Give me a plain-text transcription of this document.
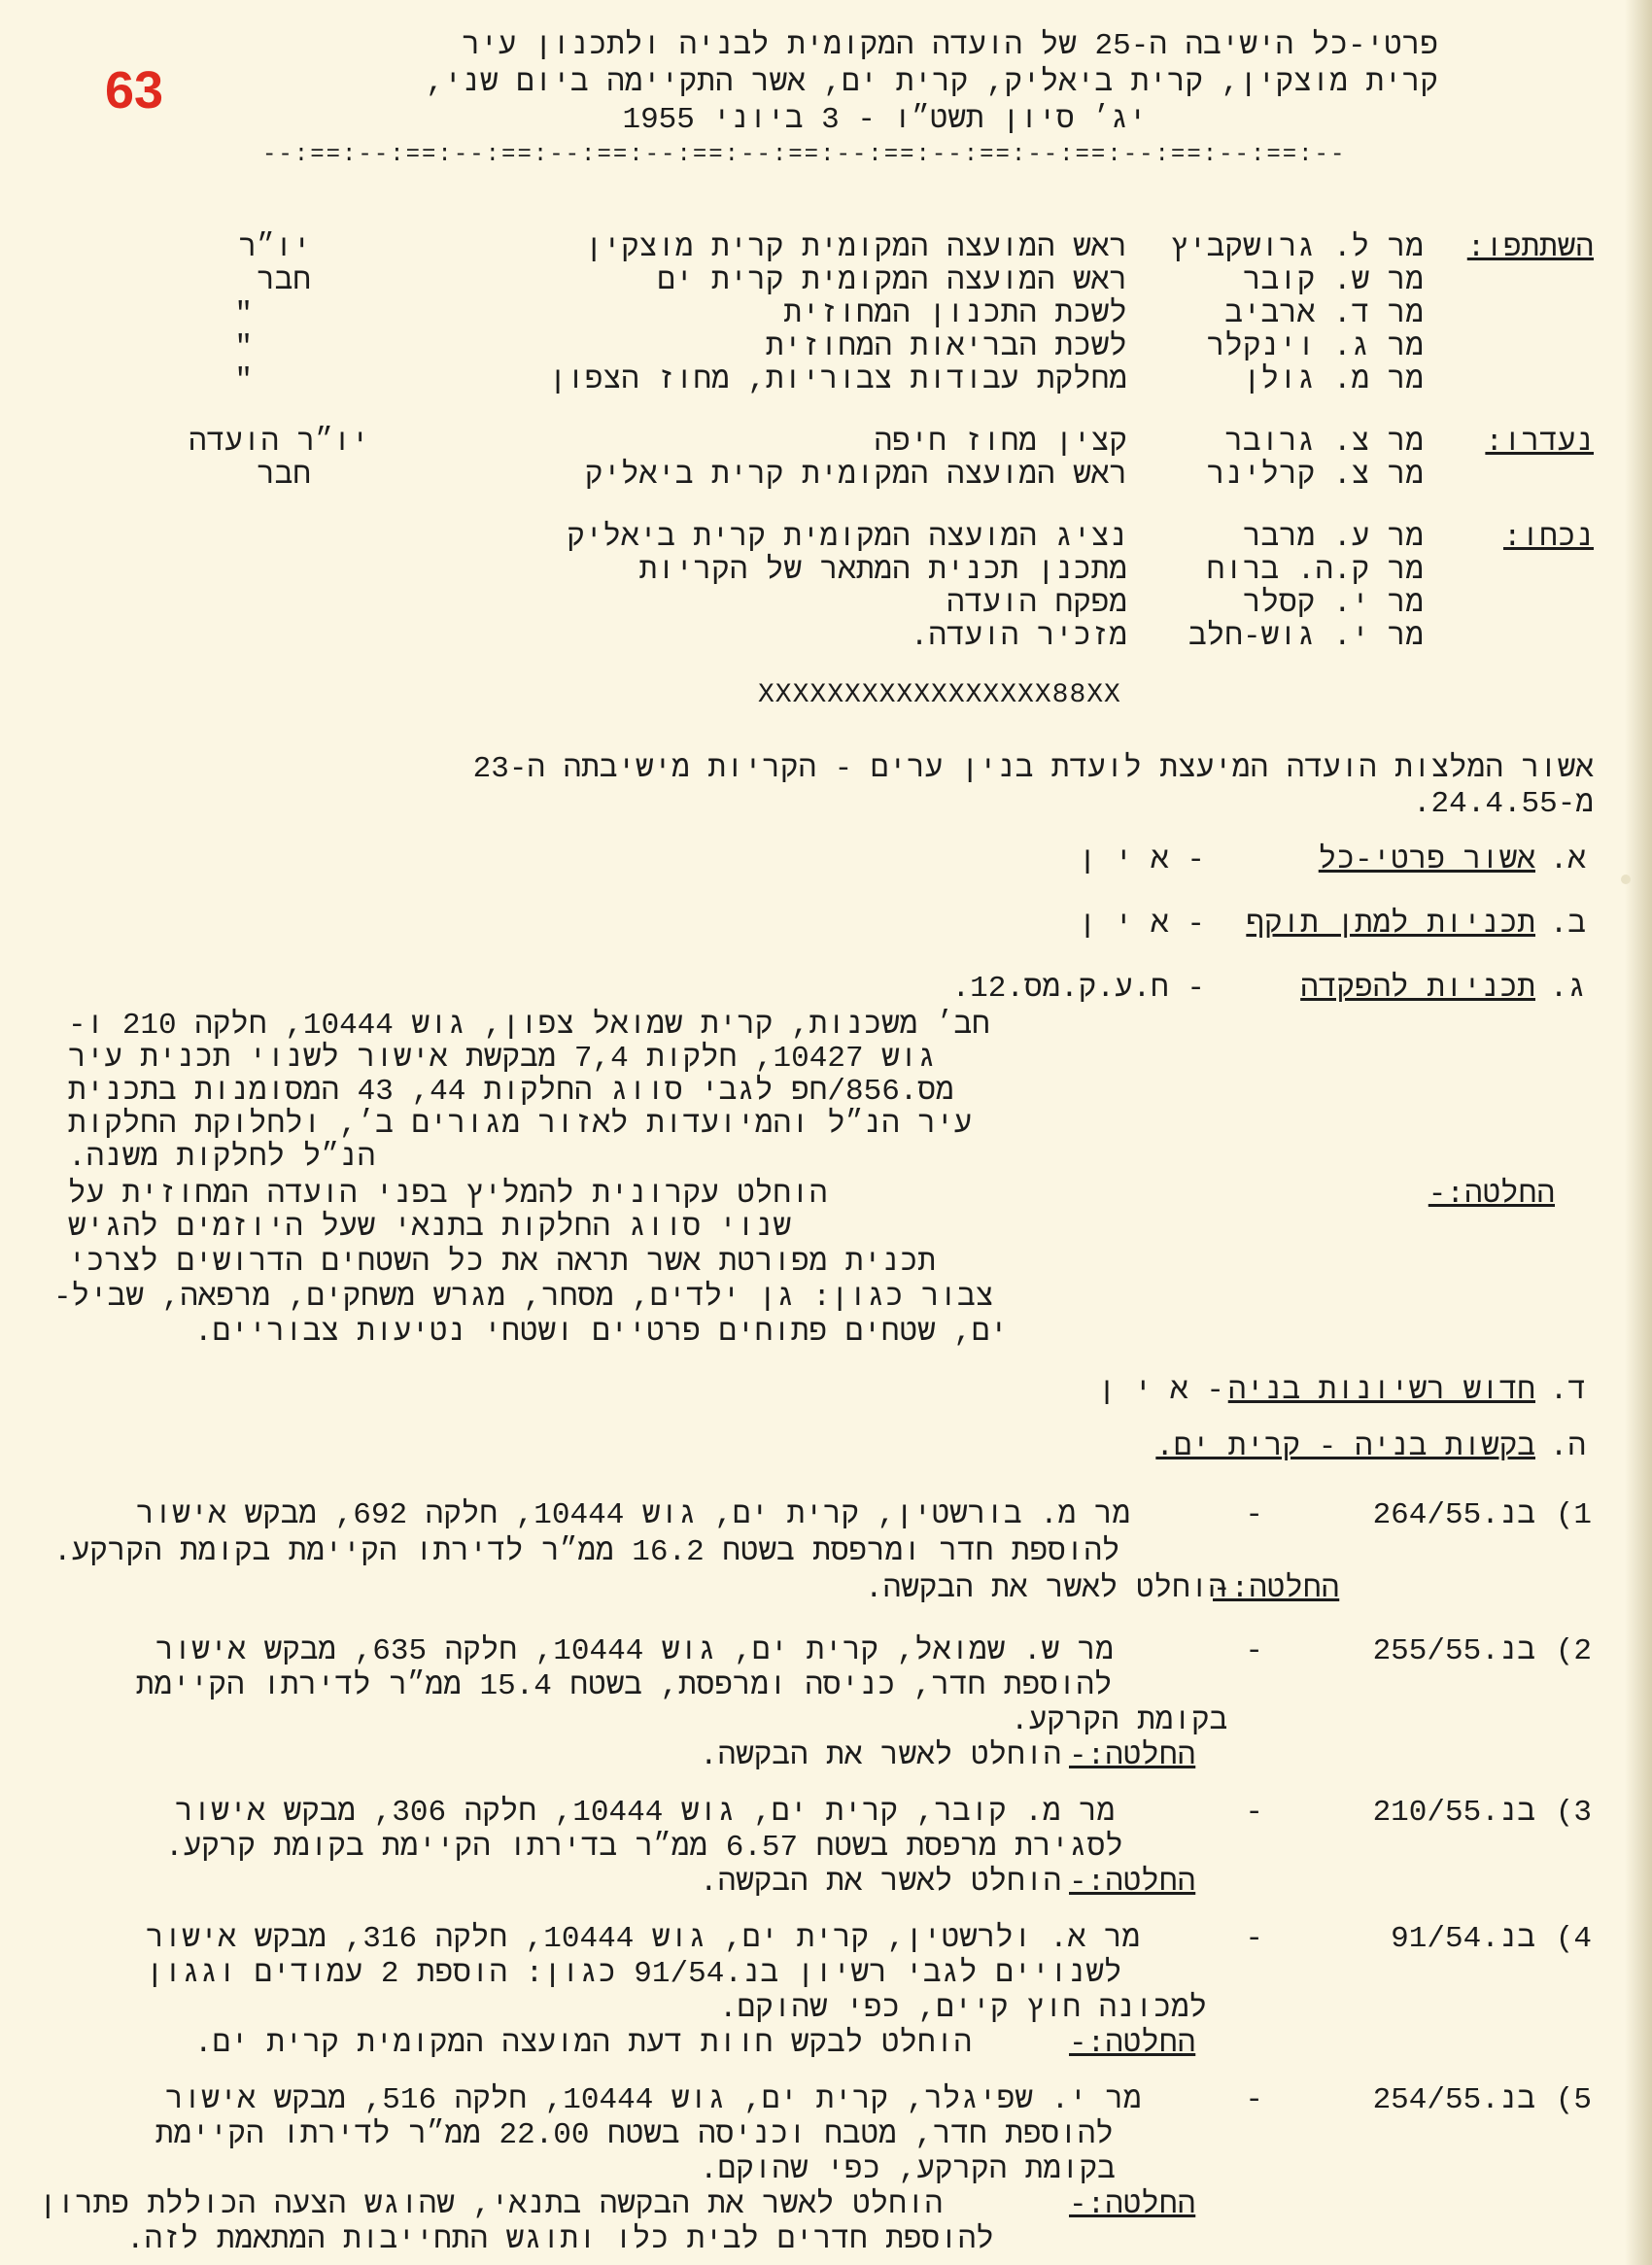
63
פרטי-כל הישיבה ה-25 של הועדה המקומית לבניה ולתכנון עיר
קרית מוצקין, קרית ביאליק, קרית ים, אשר התקיימה ביום שני,
יג׳ סיון תשט״ו - 3 ביוני 1955
--:==:--:==:--:==:--:==:--:==:--:==:--:==:--:==:--:==:--:==:--:==:--
השתתפו:
מר ל. גרושקביץ
ראש המועצה המקומית קרית מוצקין
יו״ר
מר ש. קובר
ראש המועצה המקומית קרית ים
חבר
מר ד. ארביב
לשכת התכנון המחוזית
"
מר ג. וינקלר
לשכת הבריאות המחוזית
"
מר מ. גולן
מחלקת עבודות צבוריות, מחוז הצפון
"
נעדרו:
מר צ. גרובר
קצין מחוז חיפה
יו״ר הועדה
מר צ. קרלינר
ראש המועצה המקומית קרית ביאליק
חבר
נכחו:
מר ע. מרבר
נציג המועצה המקומית קרית ביאליק
מר ק.ה. ברוח
מתכנן תכנית המתאר של הקריות
מר י. קסלר
מפקח הועדה
מר י. גוש-חלב
מזכיר הועדה.
XXXXXXXXXXXXXXXXX88XX
אשור המלצות הועדה המיעצת לועדת בנין ערים - הקריות מישיבתה ה-23
מ-24.4.55.
א.
אשור פרטי-כל
- א י ן
ב.
תכניות למתן תוקף
- א י ן
ג.
תכניות להפקדה
- ח.ע.ק.מס.12.
חב׳ משכנות, קרית שמואל צפון, גוש 10444, חלקה 210 ו-
גוש 10427, חלקות 7,4 מבקשת אישור לשנוי תכנית עיר
מס.856/חפ לגבי סווג החלקות 44, 43 המסומנות בתכנית
עיר הנ״ל והמיועדות לאזור מגורים ב׳, ולחלוקת החלקות
הנ״ל לחלקות משנה.
החלטה:-
הוחלט עקרונית להמליץ בפני הועדה המחוזית על
שנוי סווג החלקות בתנאי שעל היוזמים להגיש
תכנית מפורטת אשר תראה את כל השטחים הדרושים לצרכי
צבור כגון: גן ילדים, מסחר, מגרש משחקים, מרפאה, שביל-
ים, שטחים פתוחים פרטיים ושטחי נטיעות צבוריים.
ד.
חדוש רשיונות בניה
- א י ן
ה.
בקשות בניה - קרית ים.
1)
בנ.264/55
-
מר מ. בורשטין, קרית ים, גוש 10444, חלקה 692, מבקש אישור
להוספת חדר ומרפסת בשטח 16.2 ממ״ר לדירתו הקיימת בקומת הקרקע.
החלטה:-
הוחלט לאשר את הבקשה.
2)
בנ.255/55
-
מר ש. שמואל, קרית ים, גוש 10444, חלקה 635, מבקש אישור
להוספת חדר, כניסה ומרפסת, בשטח 15.4 ממ״ר לדירתו הקיימת
בקומת הקרקע.
החלטה:-
הוחלט לאשר את הבקשה.
3)
בנ.210/55
-
מר מ. קובר, קרית ים, גוש 10444, חלקה 306, מבקש אישור
לסגירת מרפסת בשטח 6.57 ממ״ר בדירתו הקיימת בקומת קרקע.
החלטה:-
הוחלט לאשר את הבקשה.
4)
בנ.91/54
-
מר א. ולרשטין, קרית ים, גוש 10444, חלקה 316, מבקש אישור
לשנויים לגבי רשיון בנ.91/54 כגון: הוספת 2 עמודים וגגון
למכונה חוץ קיים, כפי שהוקם.
החלטה:-
הוחלט לבקש חוות דעת המועצה המקומית קרית ים.
5)
בנ.254/55
-
מר י. שפיגלר, קרית ים, גוש 10444, חלקה 516, מבקש אישור
להוספת חדר, מטבח וכניסה בשטח 22.00 ממ״ר לדירתו הקיימת
בקומת הקרקע, כפי שהוקם.
החלטה:-
הוחלט לאשר את הבקשה בתנאי, שהוגש הצעה הכוללת פתרון
להוספת חדרים לבית כלו ותוגש התחייבות המתאמת לזה.
